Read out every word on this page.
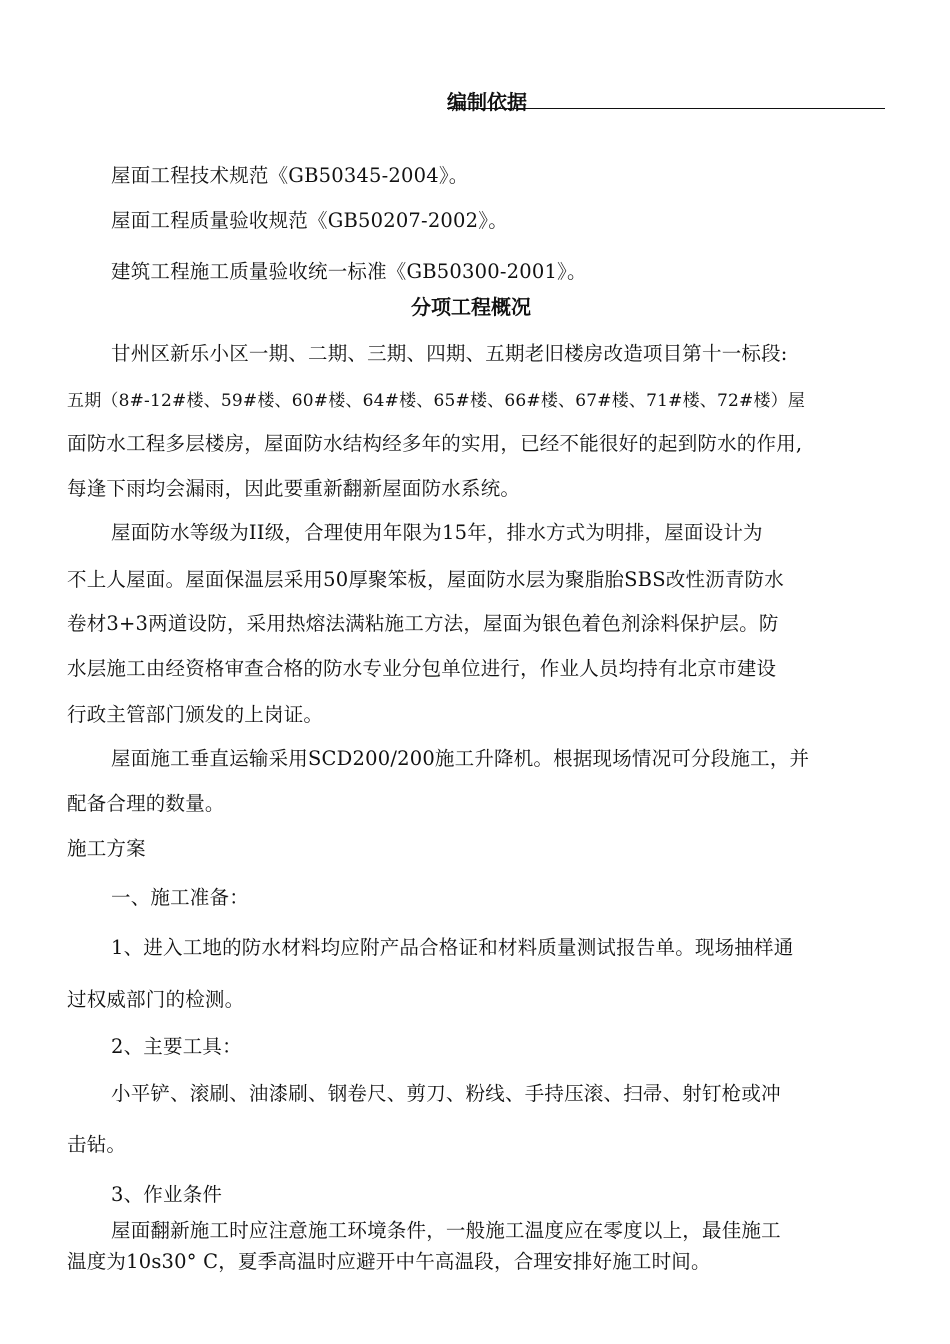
编制依据
屋面工程技术规范《GB50345-2004》。
屋面工程质量验收规范《GB50207-2002》。
建筑工程施工质量验收统一标准《GB50300-2001》。
分项工程概况
甘州区新乐小区一期、二期、三期、四期、五期老旧楼房改造项目第十一标段:
五期（8#-12#楼、59#楼、60#楼、64#楼、65#楼、66#楼、67#楼、71#楼、72#楼）屋
面防水工程多层楼房，屋面防水结构经多年的实用，已经不能很好的起到防水的作用,
每逢下雨均会漏雨，因此要重新翻新屋面防水系统。
屋面防水等级为II级，合理使用年限为15年，排水方式为明排，屋面设计为
不上人屋面。屋面保温层采用50厚聚笨板，屋面防水层为聚脂胎SBS改性沥青防水
卷材3+3两道设防，采用热熔法满粘施工方法，屋面为银色着色剂涂料保护层。防
水层施工由经资格审查合格的防水专业分包单位进行，作业人员均持有北京市建设
行政主管部门颁发的上岗证。
屋面施工垂直运输采用SCD200/200施工升降机。根据现场情况可分段施工，并
配备合理的数量。
施工方案
一、施工准备：
1、进入工地的防水材料均应附产品合格证和材料质量测试报告单。现场抽样通
过权威部门的检测。
2、主要工具：
小平铲、滚刷、油漆刷、钢卷尺、剪刀、粉线、手持压滚、扫帚、射钉枪或冲
击钻。
3、作业条件
屋面翻新施工时应注意施工环境条件，一般施工温度应在零度以上，最佳施工
温度为10s30° C，夏季高温时应避开中午高温段，合理安排好施工时间。
